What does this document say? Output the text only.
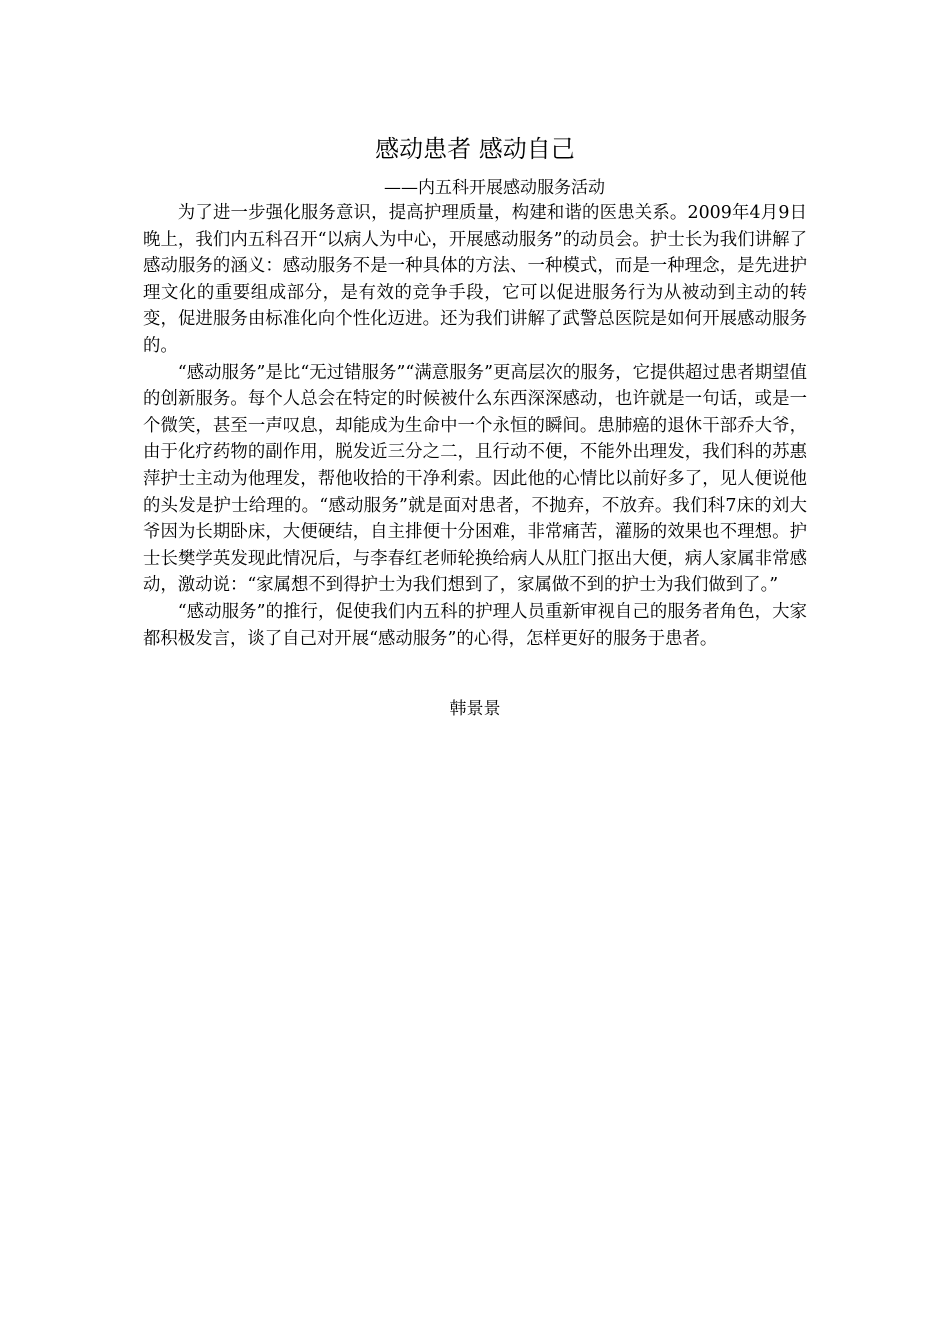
感动患者 感动自己
——内五科开展感动服务活动

为了进一步强化服务意识，提高护理质量，构建和谐的医患关系。2009年4月9日晚上，我们内五科召开“以病人为中心，开展感动服务”的动员会。护士长为我们讲解了感动服务的涵义：感动服务不是一种具体的方法、一种模式，而是一种理念，是先进护理文化的重要组成部分，是有效的竞争手段，它可以促进服务行为从被动到主动的转变，促进服务由标准化向个性化迈进。还为我们讲解了武警总医院是如何开展感动服务的。

“感动服务”是比“无过错服务”“满意服务”更高层次的服务，它提供超过患者期望值的创新服务。每个人总会在特定的时候被什么东西深深感动，也许就是一句话，或是一个微笑，甚至一声叹息，却能成为生命中一个永恒的瞬间。患肺癌的退休干部乔大爷，由于化疗药物的副作用，脱发近三分之二，且行动不便，不能外出理发，我们科的苏惠萍护士主动为他理发，帮他收拾的干净利索。因此他的心情比以前好多了，见人便说他的头发是护士给理的。“感动服务”就是面对患者，不抛弃，不放弃。我们科7床的刘大爷因为长期卧床，大便硬结，自主排便十分困难，非常痛苦，灌肠的效果也不理想。护士长樊学英发现此情况后，与李春红老师轮换给病人从肛门抠出大便，病人家属非常感动，激动说：“家属想不到得护士为我们想到了，家属做不到的护士为我们做到了。”

“感动服务”的推行，促使我们内五科的护理人员重新审视自己的服务者角色，大家都积极发言，谈了自己对开展“感动服务”的心得，怎样更好的服务于患者。

韩景景
